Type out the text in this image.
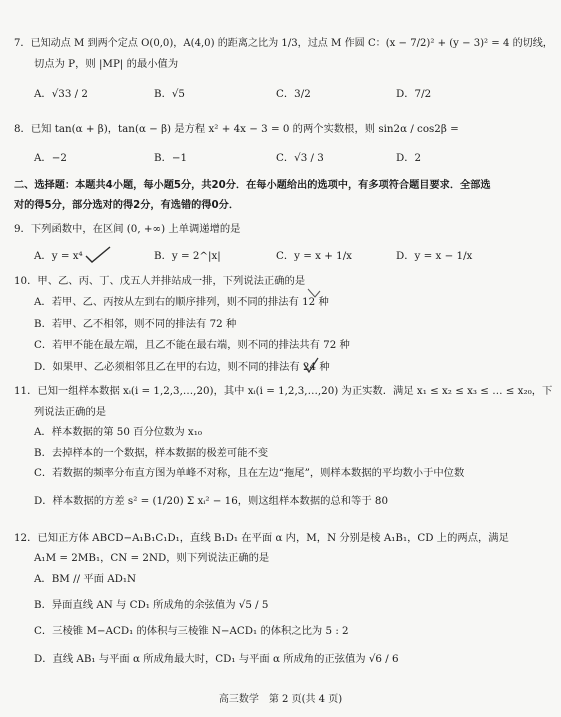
7．已知动点 M 到两个定点 O(0,0)，A(4,0) 的距离之比为 1/3，过点 M 作圆 C：(x − 7/2)² + (y − 3)² = 4 的切线，
切点为 P，则 |MP| 的最小值为
A．√33 / 2	B．√5	C．3/2	D．7/2
8．已知 tan(α + β)，tan(α − β) 是方程 x² + 4x − 3 = 0 的两个实数根，则 sin2α / cos2β =
A．−2	B．−1	C．√3 / 3	D．2
二、选择题：本题共4小题，每小题5分，共20分．在每小题给出的选项中，有多项符合题目要求．全部选
对的得5分，部分选对的得2分，有选错的得0分．
9．下列函数中，在区间 (0, +∞) 上单调递增的是
A．y = x⁴	B．y = 2^|x|	C．y = x + 1/x	D．y = x − 1/x
10．甲、乙、丙、丁、戊五人并排站成一排，下列说法正确的是
A．若甲、乙、丙按从左到右的顺序排列，则不同的排法有 12 种
B．若甲、乙不相邻，则不同的排法有 72 种
C．若甲不能在最左端，且乙不能在最右端，则不同的排法共有 72 种
D．如果甲、乙必须相邻且乙在甲的右边，则不同的排法有 24 种
11．已知一组样本数据 xᵢ(i = 1,2,3,…,20)，其中 xᵢ(i = 1,2,3,…,20) 为正实数．满足 x₁ ≤ x₂ ≤ x₃ ≤ … ≤ x₂₀，下
列说法正确的是
A．样本数据的第 50 百分位数为 x₁₀
B．去掉样本的一个数据，样本数据的极差可能不变
C．若数据的频率分布直方图为单峰不对称，且在左边“拖尾”，则样本数据的平均数小于中位数
D．样本数据的方差 s² = (1/20) Σ xᵢ² − 16，则这组样本数据的总和等于 80
12．已知正方体 ABCD−A₁B₁C₁D₁，直线 B₁D₁ 在平面 α 内，M，N 分别是棱 A₁B₁，CD 上的两点，满足
A₁M = 2MB₁，CN = 2ND，则下列说法正确的是
A．BM // 平面 AD₁N
B．异面直线 AN 与 CD₁ 所成角的余弦值为 √5 / 5
C．三棱锥 M−ACD₁ 的体积与三棱锥 N−ACD₁ 的体积之比为 5 : 2
D．直线 AB₁ 与平面 α 所成角最大时，CD₁ 与平面 α 所成角的正弦值为 √6 / 6
高三数学　第 2 页(共 4 页)
